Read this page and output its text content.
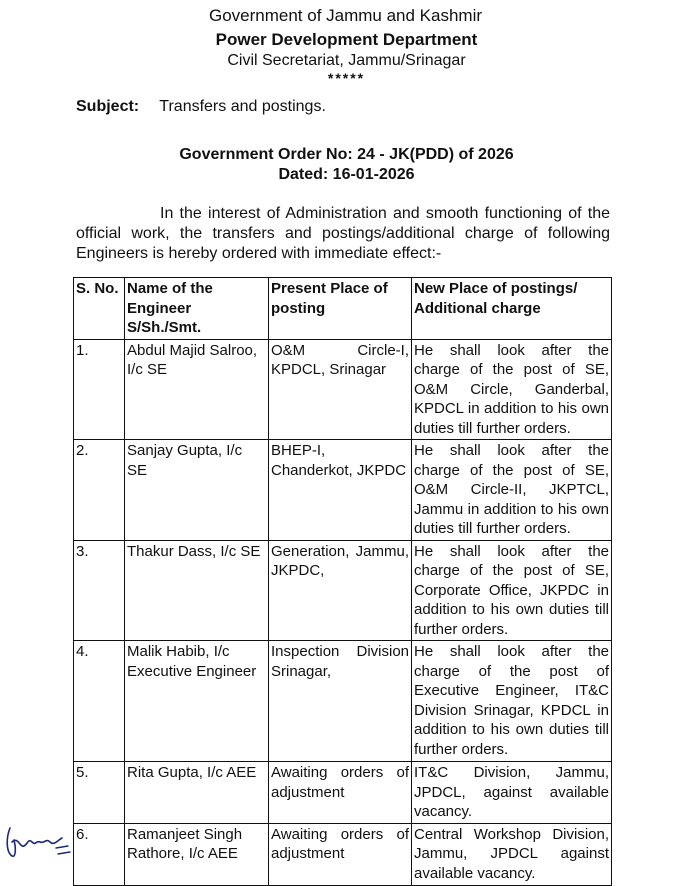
Government of Jammu and Kashmir
Power Development Department
Civil Secretariat, Jammu/Srinagar
*****
Subject: Transfers and postings.
Government Order No: 24 - JK(PDD) of 2026
Dated: 16-01-2026
In the interest of Administration and smooth functioning of the official work, the transfers and postings/additional charge of following Engineers is hereby ordered with immediate effect:-
S. No.	Name of the Engineer S/Sh./Smt.	Present Place of posting	New Place of postings/ Additional charge
1.	Abdul Majid Salroo, I/c SE	O&M Circle-I, KPDCL, Srinagar	He shall look after the charge of the post of SE, O&M Circle, Ganderbal, KPDCL in addition to his own duties till further orders.
2.	Sanjay Gupta, I/c SE	BHEP-I, Chanderkot, JKPDC	He shall look after the charge of the post of SE, O&M Circle-II, JKPTCL, Jammu in addition to his own duties till further orders.
3.	Thakur Dass, I/c SE	Generation, Jammu, JKPDC,	He shall look after the charge of the post of SE, Corporate Office, JKPDC in addition to his own duties till further orders.
4.	Malik Habib, I/c Executive Engineer	Inspection Division Srinagar,	He shall look after the charge of the post of Executive Engineer, IT&C Division Srinagar, KPDCL in addition to his own duties till further orders.
5.	Rita Gupta, I/c AEE	Awaiting orders of adjustment	IT&C Division, Jammu, JPDCL, against available vacancy.
6.	Ramanjeet Singh Rathore, I/c AEE	Awaiting orders of adjustment	Central Workshop Division, Jammu, JPDCL against available vacancy.
